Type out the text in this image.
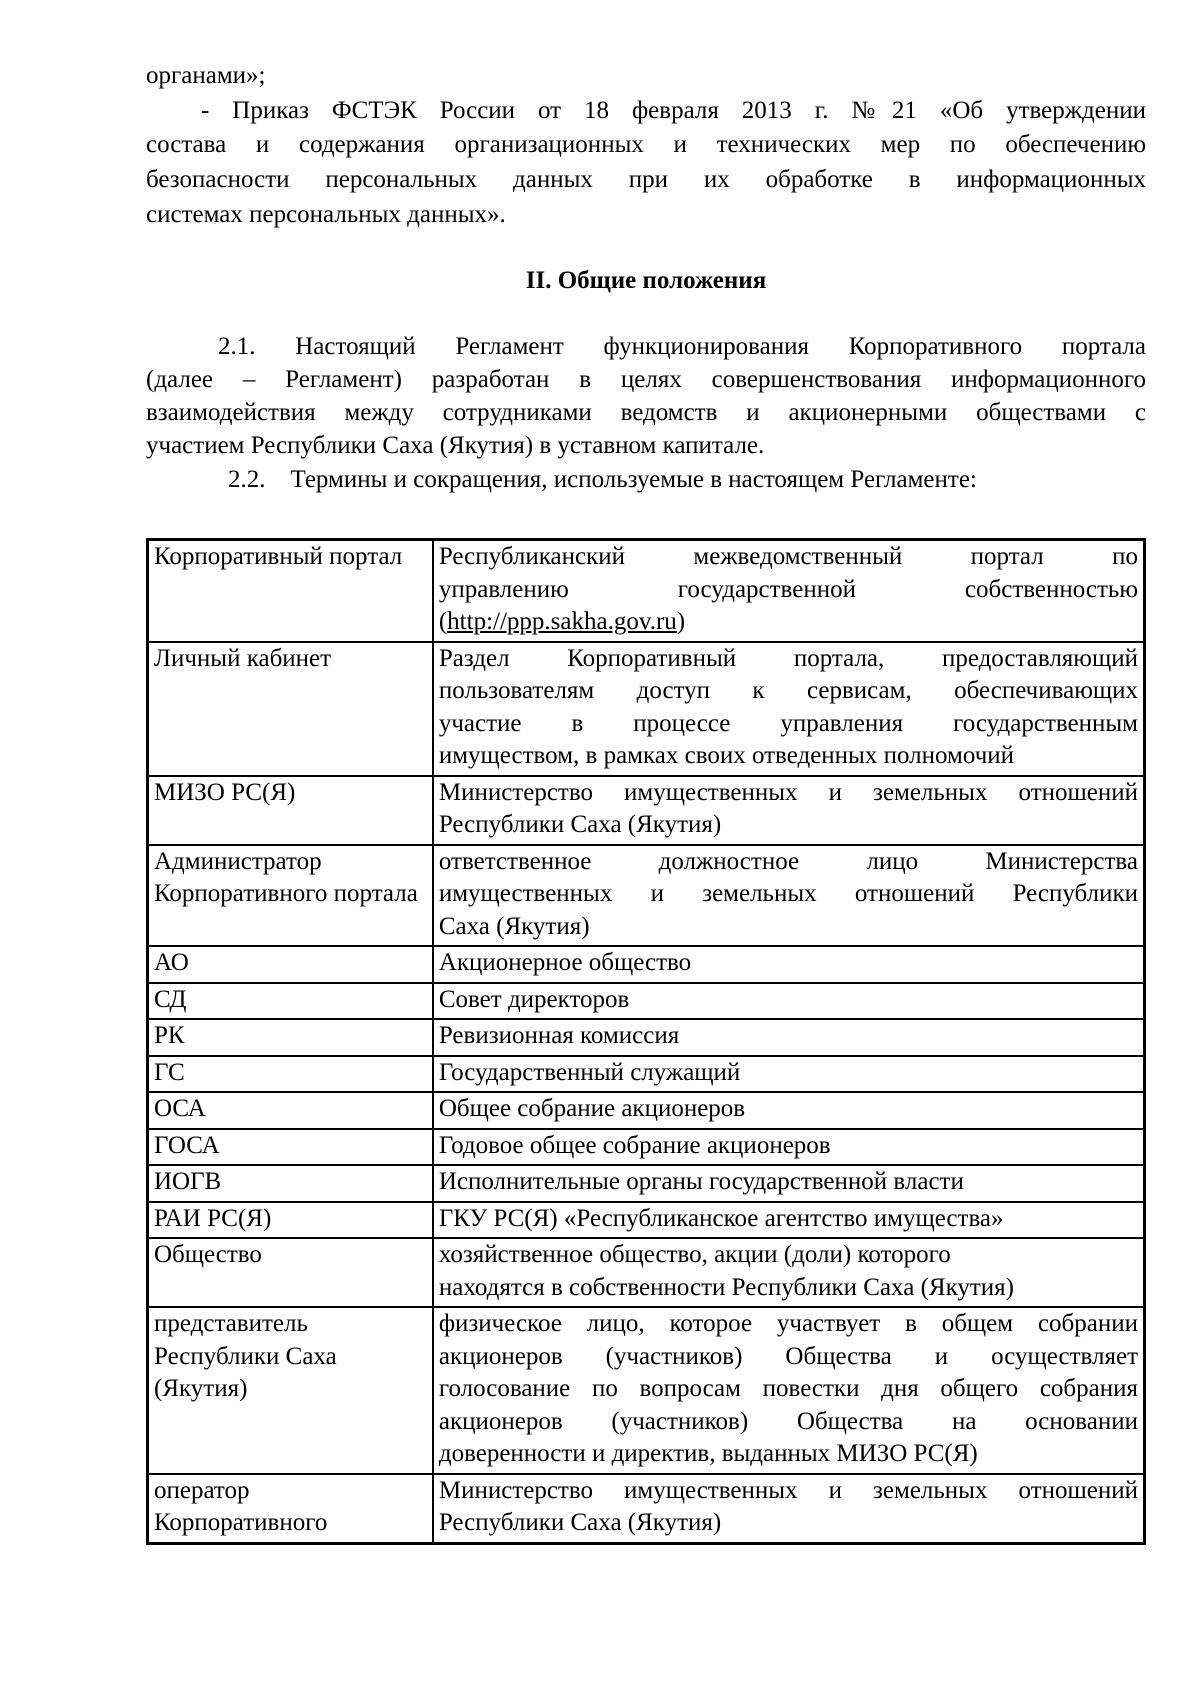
органами»;
- Приказ ФСТЭК России от 18 февраля 2013 г. №21 «Об утверждении
состава и содержания организационных и технических мер по обеспечению
безопасности персональных данных при их обработке в информационных
системах персональных данных».
II. Общие положения
2.1. Настоящий Регламент функционирования Корпоративного портала
(далее – Регламент) разработан в целях совершенствования информационного
взаимодействия между сотрудниками ведомств и акционерными обществами с
участием Республики Саха (Якутия) в уставном капитале.
2.2.    Термины и сокращения, используемые в настоящем Регламенте:
Корпоративный портал	Республиканский межведомственный портал по
управлению государственной собственностью
(http://ppp.sakha.gov.ru)

Личный кабинет	Раздел Корпоративный портала, предоставляющий
пользователям доступ к сервисам, обеспечивающих
участие в процессе управления государственным
имуществом, в рамках своих отведенных полномочий

МИЗО РС(Я)	Министерство имущественных и земельных отношений
Республики Саха (Якутия)

Администратор Корпоративного портала	ответственное должностное лицо Министерства
имущественных и земельных отношений Республики
Саха (Якутия)

АО	Акционерное общество

СД	Совет директоров

РК	Ревизионная комиссия

ГС	Государственный служащий

ОСА	Общее собрание акционеров

ГОСА	Годовое общее собрание акционеров

ИОГВ	Исполнительные органы государственной власти

РАИ РС(Я)	ГКУ РС(Я) «Республиканское агентство имущества»

Общество	хозяйственное общество, акции (доли) которого
находятся в собственности Республики Саха (Якутия)

представитель Республики Саха (Якутия)	физическое лицо, которое участвует в общем собрании
акционеров (участников) Общества и осуществляет
голосование по вопросам повестки дня общего собрания
акционеров (участников) Общества на основании
доверенности и директив, выданных МИЗО РС(Я)

оператор Корпоративного	Министерство имущественных и земельных отношений
Республики Саха (Якутия)
